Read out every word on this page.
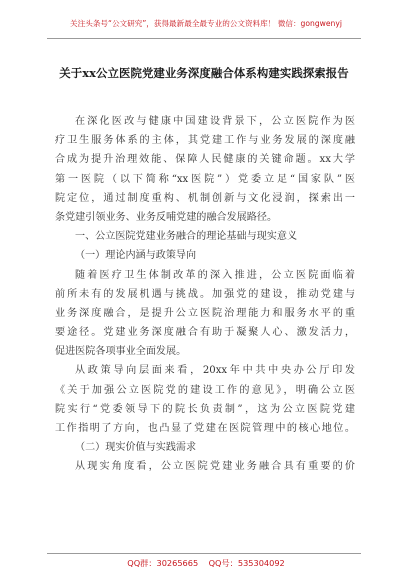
关注头条号“公文研究”，获得最新最全最专业的公文资料库！ 微信：gongwenyj
关于xx公立医院党建业务深度融合体系构建实践探索报告
在深化医改与健康中国建设背景下，公立医院作为医
疗卫生服务体系的主体，其党建工作与业务发展的深度融
合成为提升治理效能、保障人民健康的关键命题。xx大学
第一医院（以下简称“xx医院”）党委立足“国家队”医
院定位，通过制度重构、机制创新与文化浸润，探索出一
条党建引领业务、业务反哺党建的融合发展路径。
一、公立医院党建业务融合的理论基础与现实意义
（一）理论内涵与政策导向
随着医疗卫生体制改革的深入推进，公立医院面临着
前所未有的发展机遇与挑战。加强党的建设，推动党建与
业务深度融合，是提升公立医院治理能力和服务水平的重
要途径。党建业务深度融合有助于凝聚人心、激发活力，
促进医院各项事业全面发展。
从政策导向层面来看，20xx年中共中央办公厅印发
《关于加强公立医院党的建设工作的意见》，明确公立医
院实行“党委领导下的院长负责制”，这为公立医院党建
工作指明了方向，也凸显了党建在医院管理中的核心地位。
（二）现实价值与实践需求
从现实角度看，公立医院党建业务融合具有重要的价
QQ群：30265665    QQ号：535304092
